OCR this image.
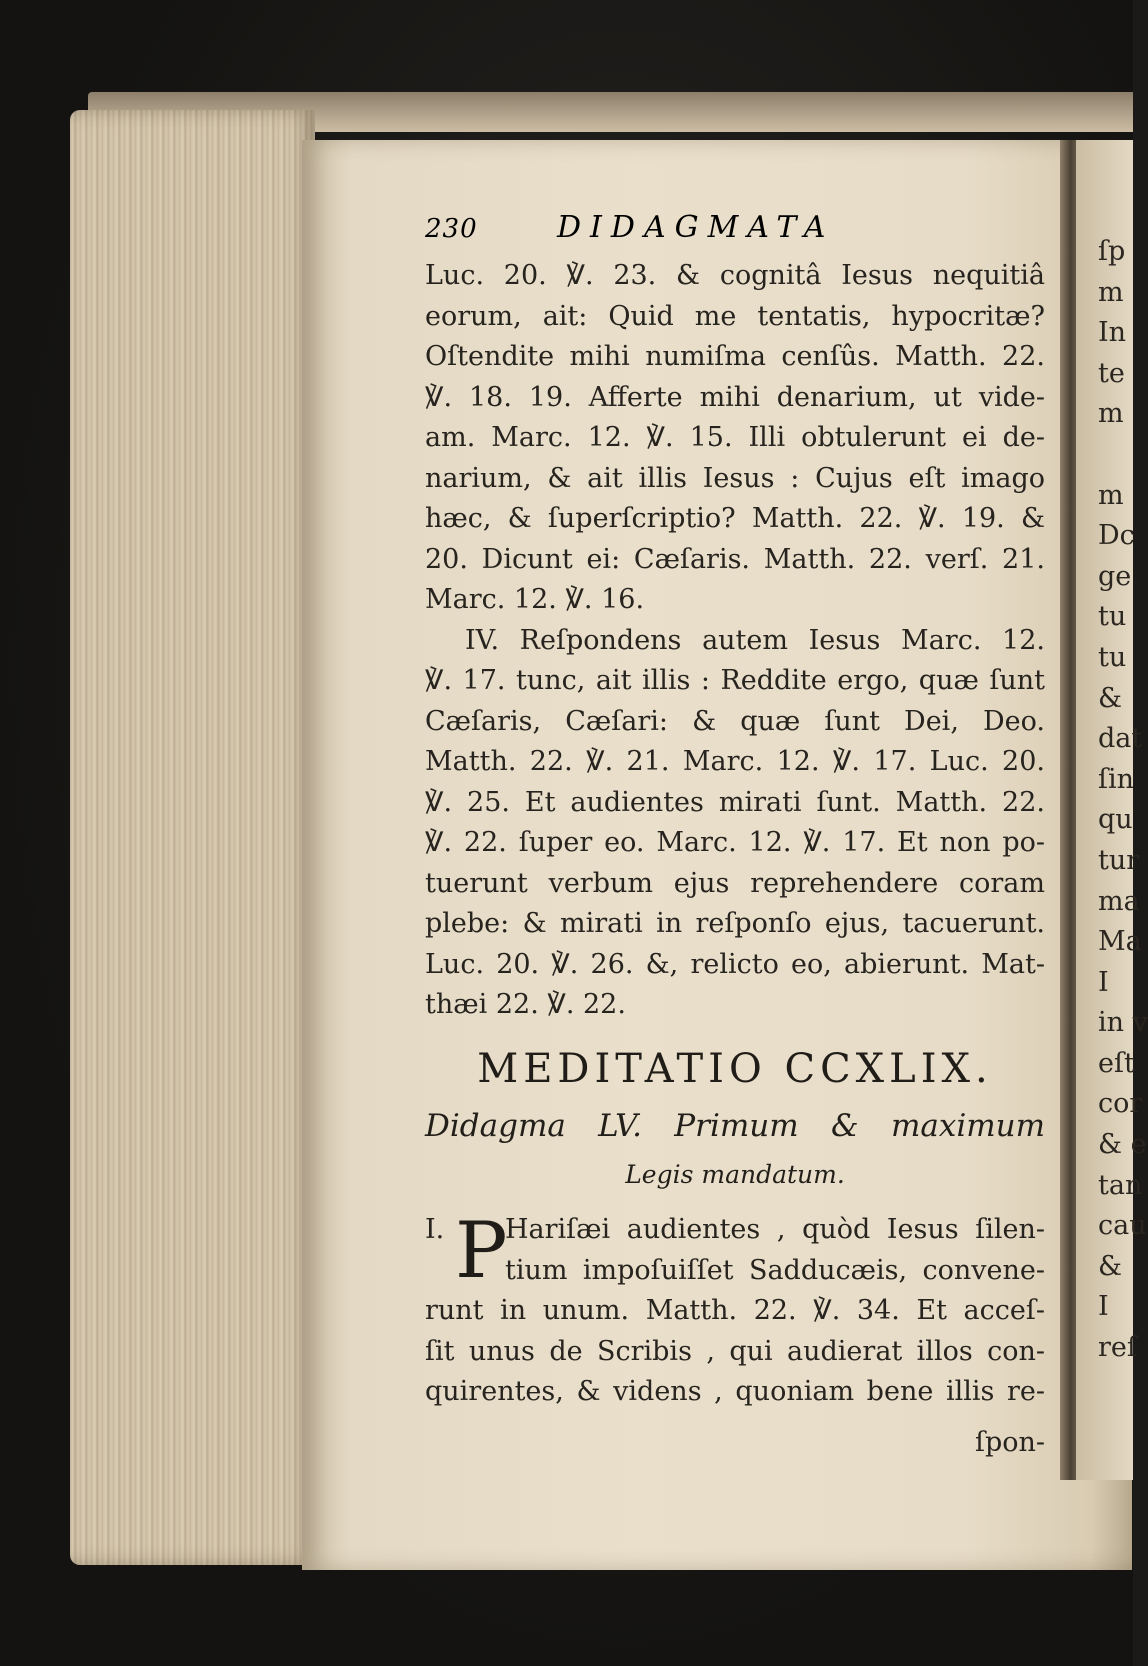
ſp
m
In
te
m
m
Dc
ge
tu
tu
&
dat
ſin
qu
tur
ma
Ma
I
in v
eſt
cor
& e
tan
cau
&
I
reſ
230	DIDAGMATA
Luc. 20. ℣. 23. & cognitâ Iesus nequitiâ
eorum, ait: Quid me tentatis, hypocritæ?
Oſtendite mihi numiſma cenſûs. Matth. 22.
℣. 18. 19. Afferte mihi denarium, ut vide-
am. Marc. 12. ℣. 15. Illi obtulerunt ei de-
narium, & ait illis Iesus : Cujus eſt imago
hæc, & ſuperſcriptio? Matth. 22. ℣. 19. &
20. Dicunt ei: Cæſaris. Matth. 22. verſ. 21.
Marc. 12. ℣. 16.
IV. Reſpondens autem Iesus Marc. 12.
℣. 17. tunc, ait illis : Reddite ergo, quæ ſunt
Cæſaris, Cæſari: & quæ ſunt Dei, Deo.
Matth. 22. ℣. 21. Marc. 12. ℣. 17. Luc. 20.
℣. 25. Et audientes mirati ſunt. Matth. 22.
℣. 22. ſuper eo. Marc. 12. ℣. 17. Et non po-
tuerunt verbum ejus reprehendere coram
plebe: & mirati in reſponſo ejus, tacuerunt.
Luc. 20. ℣. 26. &, relicto eo, abierunt. Mat-
thæi 22. ℣. 22.
MEDITATIO CCXLIX.
Didagma LV. Primum & maximum
Legis mandatum.
I. P
Hariſæi audientes , quòd Iesus ſilen-
tium impoſuiſſet Sadducæis, convene-
runt in unum. Matth. 22. ℣. 34. Et acceſ-
ſit unus de Scribis , qui audierat illos con-
quirentes, & videns , quoniam bene illis re-
ſpon-
